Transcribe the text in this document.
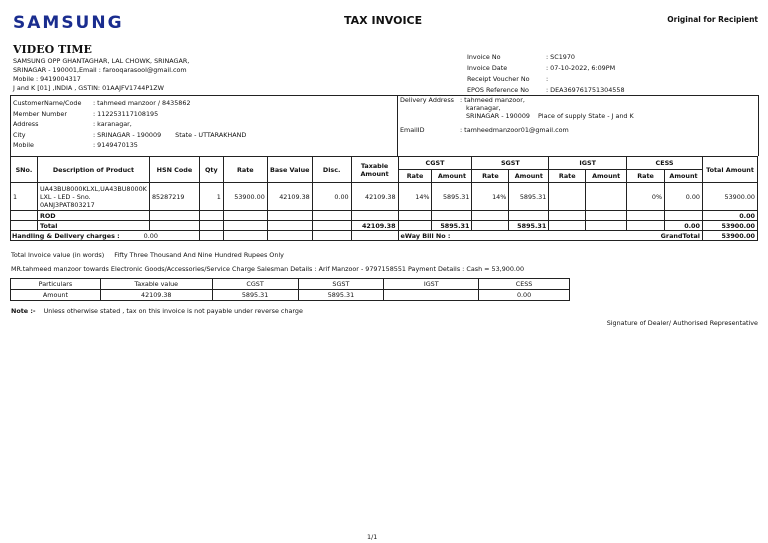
SAMSUNG	TAX INVOICE	Original for Recipient
VIDEO TIME
SAMSUNG OPP GHANTAGHAR, LAL CHOWK, SRINAGAR,
SRINAGAR - 190001,Email : farooqarasool@gmail.com
Mobile : 9419004317
J and K [01] ,INDIA , GSTIN: 01AAJFV1744P1ZW
Invoice No	: SC1970
Invoice Date	: 07-10-2022, 6:09PM
Receipt Voucher No	:
EPOS Reference No	: DEA369761751304558
CustomerName/Code	: tahmeed manzoor / 8435862
Member Number	: 112253117108195
Address	: karanagar,
City	: SRINAGAR - 190009 State - UTTARAKHAND
Mobile	: 9149470135
Delivery Address : tahmeed manzoor,
karanagar,
SRINAGAR - 190009 Place of supply State - J and K
EmailID	: tamheedmanzoor01@gmail.com
SNo.	Description of Product	HSN Code	Qty	Rate	Base Value	Disc.	Taxable Amount	CGST		SGST		IGST		CESS		Total Amount
								Rate	Amount	Rate	Amount	Rate	Amount	Rate	Amount	
1	UA43BU8000KLXL,UA43BU8000K
LXL - LED - Sno.
0ANJ3PAT803217	85287219	1	53900.00	42109.38	0.00	42109.38	14%	5895.31	14%	5895.31			0%	0.00	53900.00
	ROD															0.00
	Total						42109.38		5895.31		5895.31				0.00	53900.00
Handling & Delivery charges : 0.00								eWay Bill No : GrandTotal								53900.00
Total Invoice value (in words) Fifty Three Thousand And Nine Hundred Rupees Only
MR.tahmeed manzoor towards Electronic Goods/Accessories/Service Charge Salesman Details : Arif Manzoor - 9797158551 Payment Details : Cash = 53,900.00
Particulars	Taxable value	CGST	SGST	IGST	CESS
Amount	42109.38	5895.31	5895.31		0.00
Note :- Unless otherwise stated , tax on this invoice is not payable under reverse charge
Signature of Dealer/ Authorised Representative
1/1
